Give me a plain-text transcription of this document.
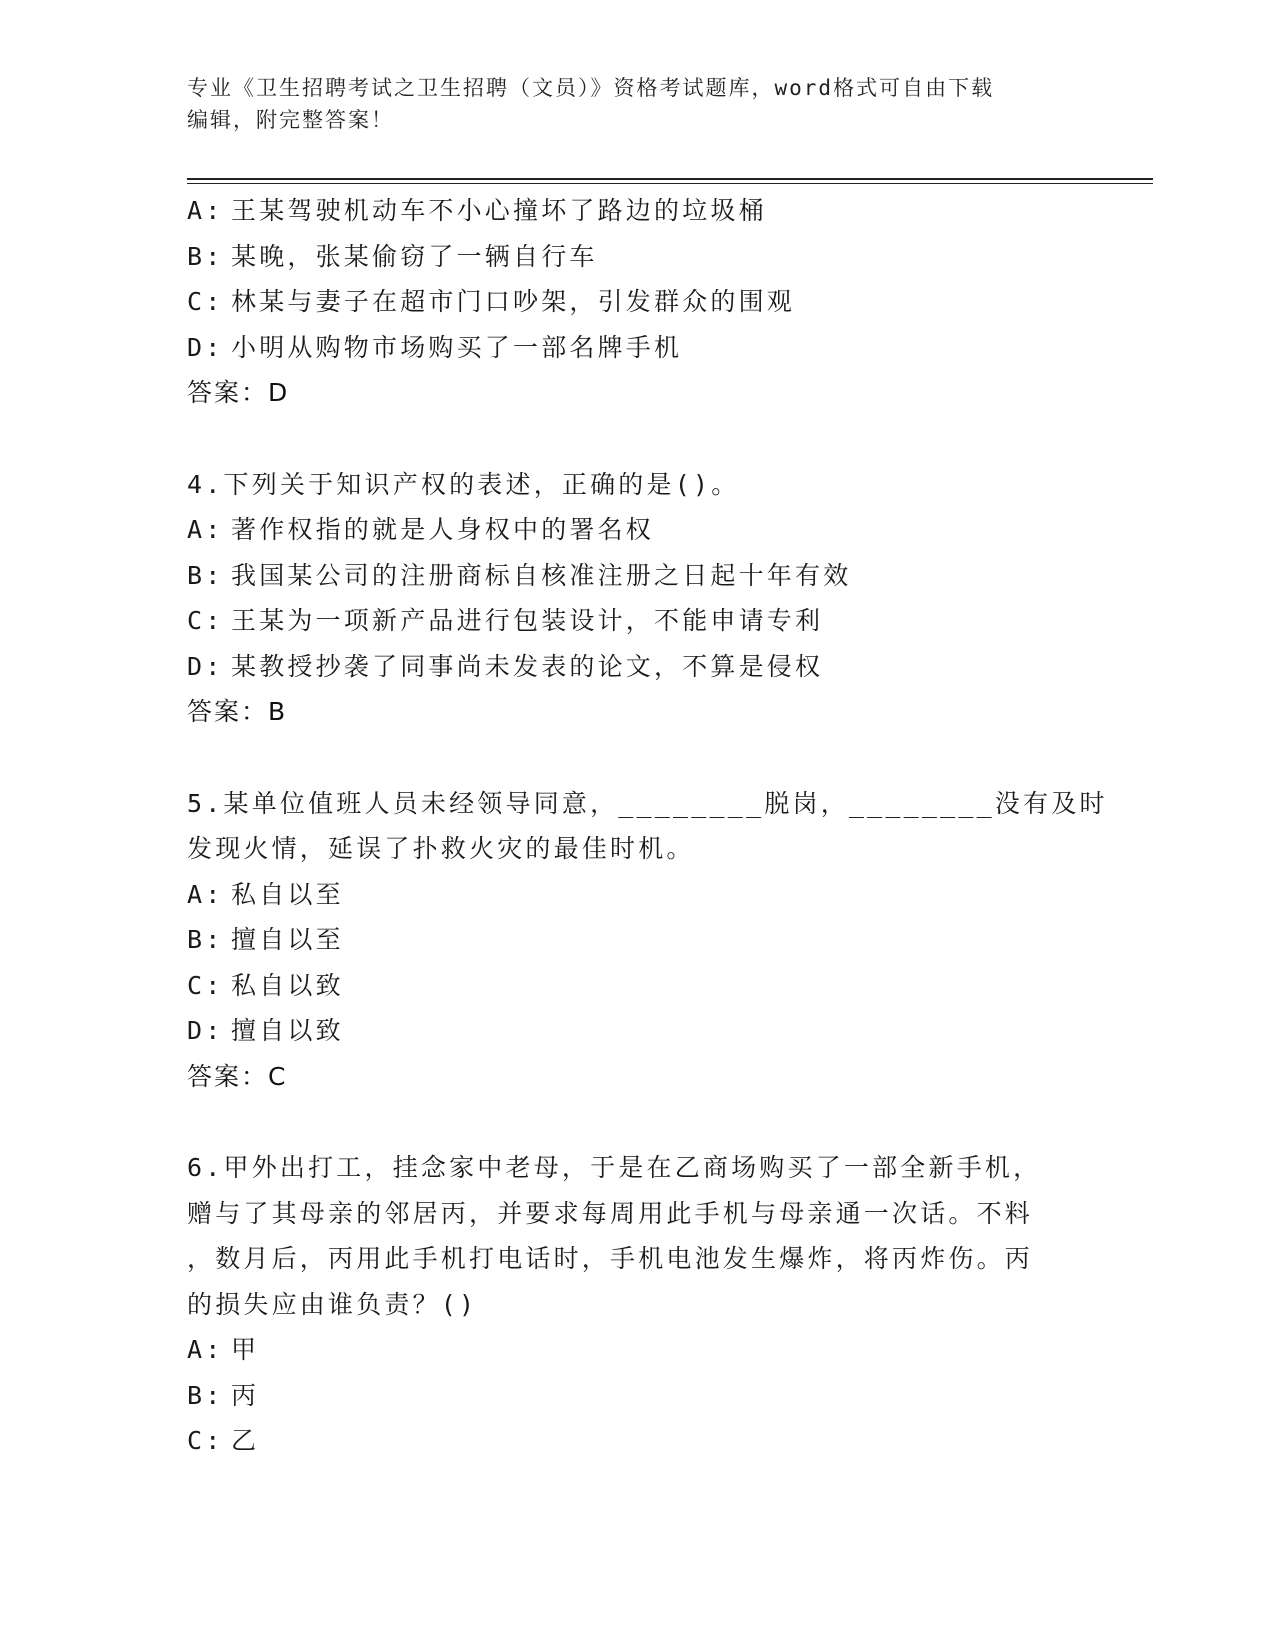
专业《卫生招聘考试之卫生招聘（文员）》资格考试题库，word格式可自由下载
编辑，附完整答案！
A: 王某驾驶机动车不小心撞坏了路边的垃圾桶
B: 某晚，张某偷窃了一辆自行车
C: 林某与妻子在超市门口吵架，引发群众的围观
D: 小明从购物市场购买了一部名牌手机
答案：D
4.下列关于知识产权的表述，正确的是()。
A: 著作权指的就是人身权中的署名权
B: 我国某公司的注册商标自核准注册之日起十年有效
C: 王某为一项新产品进行包装设计，不能申请专利
D: 某教授抄袭了同事尚未发表的论文，不算是侵权
答案：B
5.某单位值班人员未经领导同意，________脱岗，________没有及时
发现火情，延误了扑救火灾的最佳时机。
A: 私自以至
B: 擅自以至
C: 私自以致
D: 擅自以致
答案：C
6.甲外出打工，挂念家中老母，于是在乙商场购买了一部全新手机，
赠与了其母亲的邻居丙，并要求每周用此手机与母亲通一次话。不料
，数月后，丙用此手机打电话时，手机电池发生爆炸，将丙炸伤。丙
的损失应由谁负责？()
A: 甲
B: 丙
C: 乙
